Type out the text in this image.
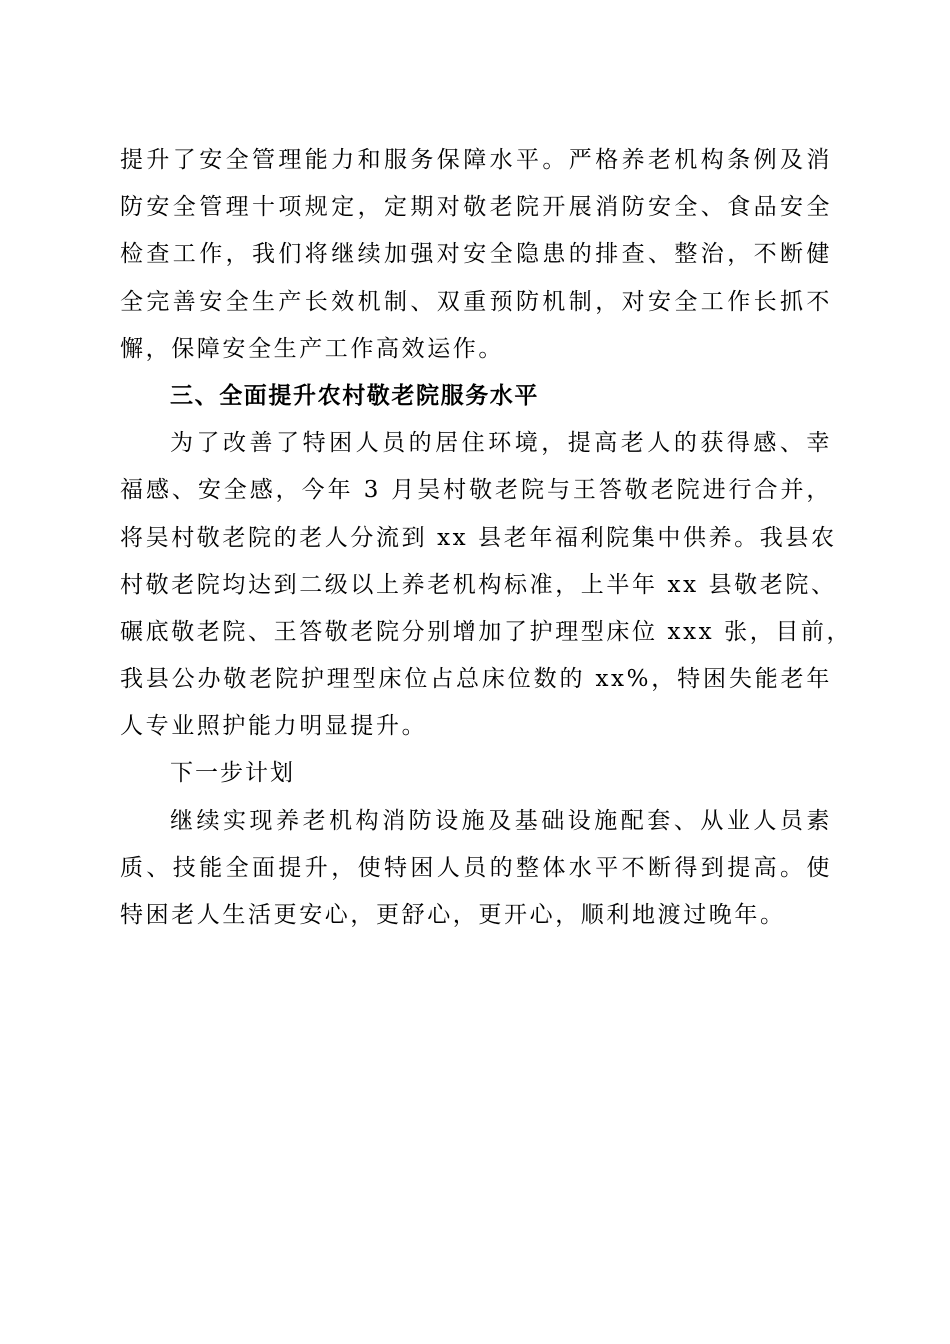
提升了安全管理能力和服务保障水平。严格养老机构条例及消
防安全管理十项规定，定期对敬老院开展消防安全、食品安全
检查工作，我们将继续加强对安全隐患的排查、整治，不断健
全完善安全生产长效机制、双重预防机制，对安全工作长抓不
懈，保障安全生产工作高效运作。
三、全面提升农村敬老院服务水平
为了改善了特困人员的居住环境，提高老人的获得感、幸
福感、安全感，今年 3 月吴村敬老院与王答敬老院进行合并，
将吴村敬老院的老人分流到 xx 县老年福利院集中供养。我县农
村敬老院均达到二级以上养老机构标准，上半年 xx 县敬老院、
碾底敬老院、王答敬老院分别增加了护理型床位 xxx 张，目前，
我县公办敬老院护理型床位占总床位数的 xx%，特困失能老年
人专业照护能力明显提升。
下一步计划
继续实现养老机构消防设施及基础设施配套、从业人员素
质、技能全面提升，使特困人员的整体水平不断得到提高。使
特困老人生活更安心，更舒心，更开心，顺利地渡过晚年。
